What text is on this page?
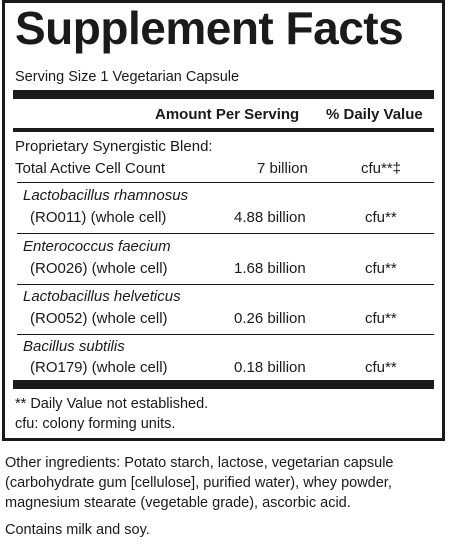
Supplement Facts
Serving Size 1 Vegetarian Capsule
Amount Per Serving % Daily Value
Proprietary Synergistic Blend:
Total Active Cell Count	7 billion	cfu**‡
Lactobacillus rhamnosus
(RO011) (whole cell)	4.88 billion	cfu**
Enterococcus faecium
(RO026) (whole cell)	1.68 billion	cfu**
Lactobacillus helveticus
(RO052) (whole cell)	0.26 billion	cfu**
Bacillus subtilis
(RO179) (whole cell)	0.18 billion	cfu**
** Daily Value not established.
cfu: colony forming units.
Other ingredients: Potato starch, lactose, vegetarian capsule
(carbohydrate gum [cellulose], purified water), whey powder,
magnesium stearate (vegetable grade), ascorbic acid.
Contains milk and soy.
